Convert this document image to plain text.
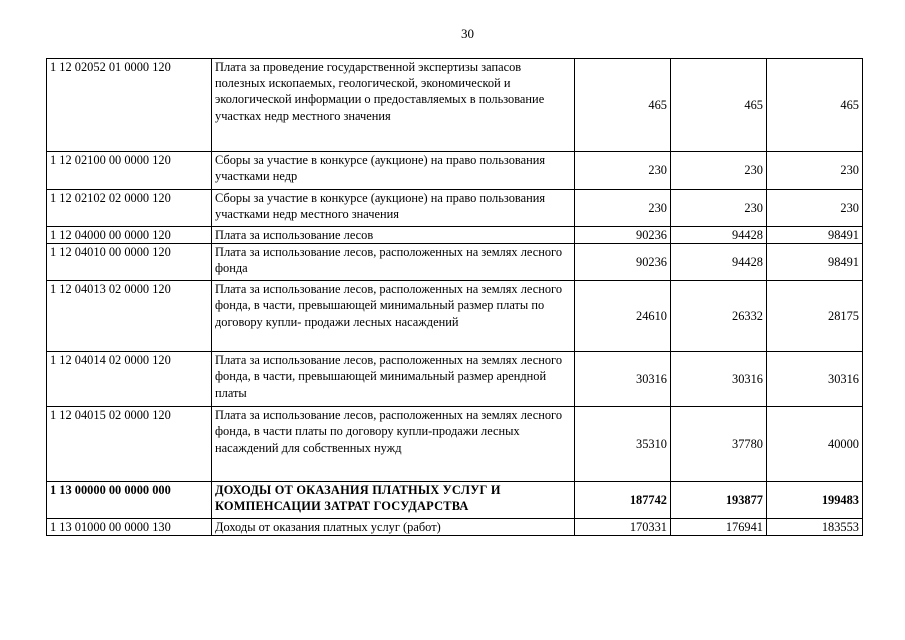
30
1 12 02052 01 0000 120	Плата за проведение государственной экспертизы запасов полезных ископаемых, геологической, экономической и экологической информации о предоставляемых в пользование участках недр местного значения	465	465	465
1 12 02100 00 0000 120	Сборы за участие в конкурсе (аукционе) на право пользования участками недр	230	230	230
1 12 02102 02 0000 120	Сборы за участие в конкурсе (аукционе) на право пользования участками недр местного значения	230	230	230
1 12 04000 00 0000 120	Плата за использование лесов	90236	94428	98491
1 12 04010 00 0000 120	Плата за использование лесов, расположенных на землях лесного фонда	90236	94428	98491
1 12 04013 02 0000 120	Плата за использование лесов, расположенных на землях лесного фонда, в части, превышающей минимальный размер платы по договору купли- продажи лесных насаждений	24610	26332	28175
1 12 04014 02 0000 120	Плата за использование лесов, расположенных на землях лесного фонда, в части, превышающей минимальный размер арендной платы	30316	30316	30316
1 12 04015 02 0000 120	Плата за использование лесов, расположенных на землях лесного фонда, в части платы по договору купли-продажи лесных насаждений для собственных нужд	35310	37780	40000
1 13 00000 00 0000 000	ДОХОДЫ ОТ ОКАЗАНИЯ ПЛАТНЫХ УСЛУГ И КОМПЕНСАЦИИ ЗАТРАТ ГОСУДАРСТВА	187742	193877	199483
1 13 01000 00 0000 130	Доходы от оказания платных услуг (работ)	170331	176941	183553
